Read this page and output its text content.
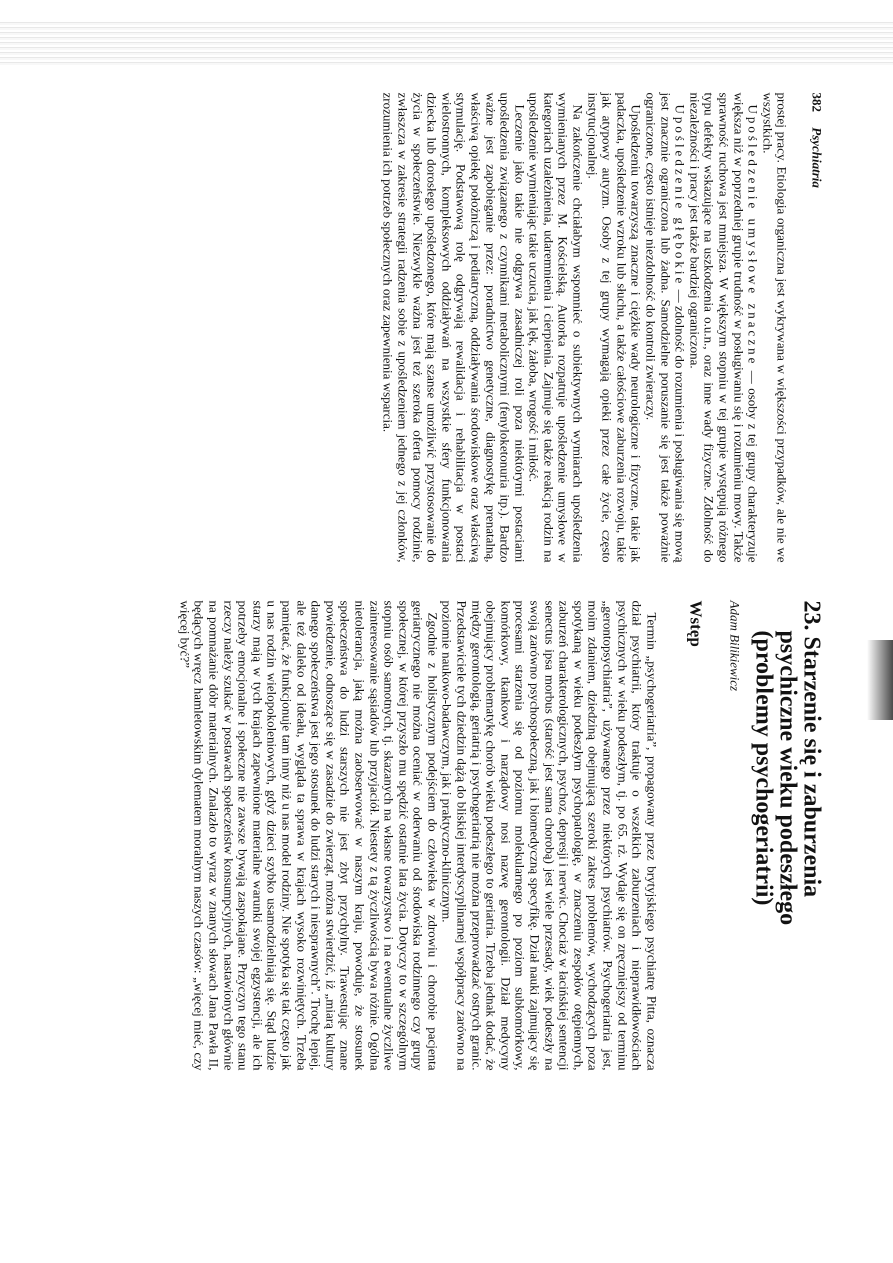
382 Psychiatria

prostej pracy. Etiologia organiczna jest wykrywana w większości przypadków, ale nie we wszystkich.

Upośledzenie umysłowe znaczne — osoby z tej grupy charakteryzuje większa niż w poprzedniej grupie trudność w posługiwaniu się i rozumieniu mowy. Także sprawność ruchowa jest mniejsza. W większym stopniu w tej grupie występują różnego typu defekty wskazujące na uszkodzenia o.u.n., oraz inne wady fizyczne. Zdolność do niezależności i pracy jest także bardziej ograniczona.

Upośledzenie głębokie — zdolność do rozumienia i posługiwania się mową jest znacznie ograniczona lub żadna. Samodzielne poruszanie się jest także poważnie ograniczone, często istnieje niezdolność do kontroli zwieraczy.

Upośledzeniu towarzyszą znaczne i ciężkie wady neurologiczne i fizyczne, takie jak padaczka, upośledzenie wzroku lub słuchu, a także całościowe zaburzenia rozwoju, takie jak atypowy autyzm. Osoby z tej grupy wymagają opieki przez całe życie, często instytucjonalnej.

Na zakończenie chciałabym wspomnieć o subiektywnych wymiarach upośledzenia wymienianych przez M. Kościelską. Autorka rozpatruje upośledzenie umysłowe w kategoriach uzależnienia, udaremnienia i cierpienia. Zajmuje się także reakcją rodzin na upośledzenie wymieniając takie uczucia, jak lęk, żałoba, wrogość i miłość.

Leczenie jako takie nie odgrywa zasadniczej roli poza niektórymi postaciami upośledzenia związanego z czynnikami metabolicznymi (fenyloketonuria itp.). Bardzo ważne jest zapobieganie przez: poradnictwo genetyczne, diagnostykę prenatalną, właściwą opiekę położniczą i pediatryczną, oddziaływania środowiskowe oraz właściwą stymulację. Podstawową rolę odgrywają rewalidacja i rehabilitacja w postaci wielostronnych, kompleksowych oddziaływań na wszystkie sfery funkcjonowania dziecka lub dorosłego upośledzonego, które mają szanse umożliwić przystosowanie do życia w społeczeństwie. Niezwykle ważna jest też szeroka oferta pomocy rodzinie, zwłaszcza w zakresie strategii radzenia sobie z upośledzeniem jednego z jej członków, zrozumienia ich potrzeb społecznych oraz zapewnienia wsparcia.

23. Starzenie się i zaburzenia
psychiczne wieku podeszłego
(problemy psychogeriatrii)
Adam Bilikiewicz
Wstęp

Termin „psychogeriatria”, propagowany przez brytyjskiego psychiatrę Pitta, oznacza dział psychiatrii, który traktuje o wszelkich zaburzeniach i nieprawidłowościach psychicznych w wieku podeszłym, tj. po 65. rż. Wydaje się on zręczniejszy od terminu „gerontopsychiatria”, używanego przez niektórych psychiatrów. Psychogeriatria jest, moim zdaniem, dziedziną obejmującą szeroki zakres problemów, wychodzących poza spotykaną w wieku podeszłym psychopatologię, w znaczeniu zespołów otępiennych, zaburzeń charakterologicznych, psychoz, depresji i nerwic. Chociaż w łacińskiej sentencji senectus ipsa morbus (starość jest sama chorobą) jest wiele przesady, wiek podeszły na swoją zarówno psychospołeczną, jak i biomedyczną specyfikę. Dział nauki zajmujący się procesami starzenia się od poziomu molekularnego po poziom subkomórkowy, komórkowy, tkankowy i narządowy nosi nazwę gerontologii. Dział medycyny obejmujący problematykę chorób wieku podeszłego to geriatria. Trzeba jednak dodać, że między gerontologią, geriatrią i psychogeriatrią nie można przeprowadzać ostrych granic. Przedstawiciele tych dziedzin dążą do bliskiej interdyscyplinarnej współpracy zarówno na poziomie naukowo-badawczym, jak i praktyczno-klinicznym.

Zgodnie z holistycznym podejściem do człowieka w zdrowiu i chorobie pacjenta geriatrycznego nie można oceniać w oderwaniu od środowiska rodzinnego czy grupy społecznej, w której przyszło mu spędzić ostatnie lata życia. Dotyczy to w szczególnym stopniu osób samotnych, tj. skazanych na własne towarzystwo i na ewentualne życzliwe zainteresowanie sąsiadów lub przyjaciół. Niestety z tą życzliwością bywa różnie. Ogólna nietolerancja, jaką można zaobserwować w naszym kraju, powoduje, że stosunek społeczeństwa do ludzi starszych nie jest zbyt przychylny. Trawestując znane powiedzenie, odnoszące się w zasadzie do zwierząt, można stwierdzić, iż „miarą kultury danego społeczeństwa jest jego stosunek do ludzi starych i niesprawnych”. Trochę lepiej, ale też daleko od ideału, wygląda ta sprawa w krajach wysoko rozwiniętych. Trzeba pamiętać, że funkcjonuje tam inny niż u nas model rodziny. Nie spotyka się tak często jak u nas rodzin wielopokoleniowych, gdyż dzieci szybko usamodzielniają się. Stąd ludzie starzy mają w tych krajach zapewnione materialne warunki swojej egzystencji, ale ich potrzeby emocjonalne i społeczne nie zawsze bywają zaspokajane. Przyczyn tego stanu rzeczy należy szukać w postawach społeczeństw konsumpcyjnych, nastawionych głównie na pomnażanie dóbr materialnych. Znalazło to wyraz w znanych słowach Jana Pawła II, będących wręcz hamletowskim dylematem moralnym naszych czasów: „więcej mieć, czy więcej być?”
